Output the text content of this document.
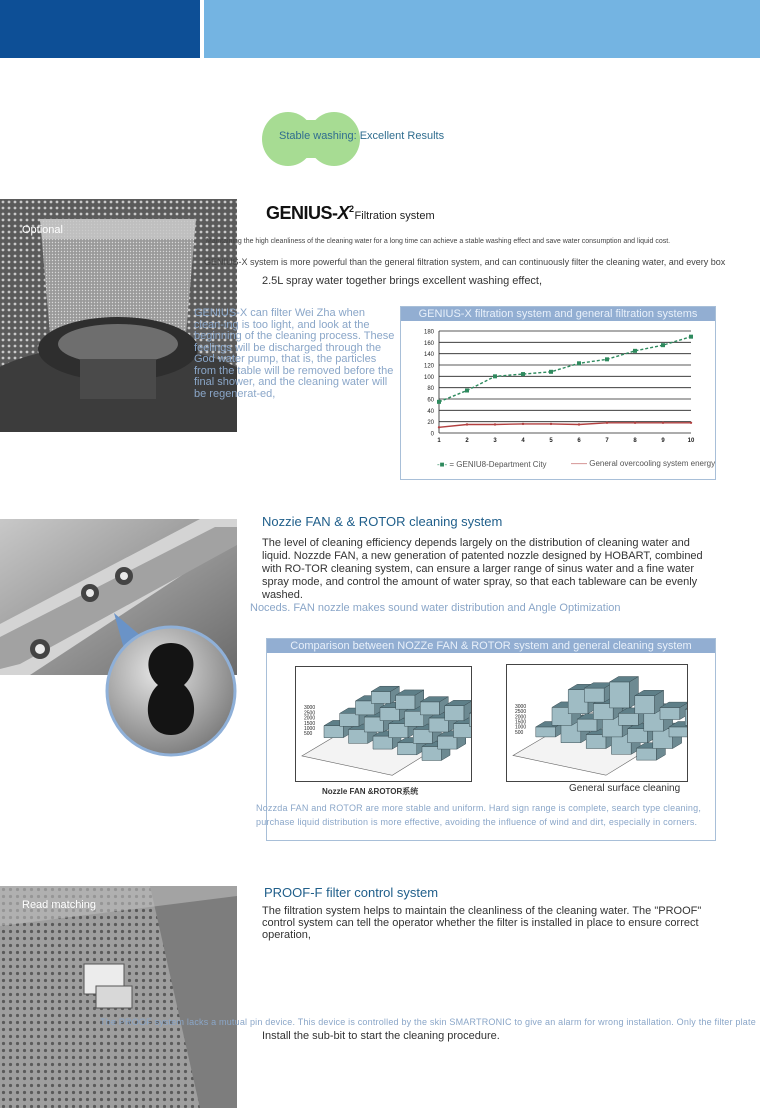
Stable washing: Excellent Results
Optional
GENIUS-$X^2Filtration$ system
Maintaining the high cleanliness of the cleaning water for a long time can achieve a stable washing effect and save water consumption and liquid cost.
GENIUS-X system is more powerful than the general filtration system, and can continuously filter the cleaning water, and every box
2.5L spray water together brings excellent washing effect,
GENIUS-X can filter Wei Zha when clean-ing is too light, and look at the beginning of the cleaning process. These feelings will be discharged through the God water pump, that is, the particles from the table will be removed before the final shower, and the cleaning water will be regenerat-ed,
GENIUS-X filtration system and general filtration systems
0
20
40
60
80
100
120
140
160
180
1	2	3	4	5	6	7	8	9	10
-■- = GENIU8-Department City	—— General overcooling system energy
Nozzie FAN & & ROTOR cleaning system
The level of cleaning efficiency depends largely on the distribution of cleaning water and liquid. Nozzde FAN, a new generation of patented nozzle designed by HOBART, combined with RO-TOR cleaning system, can ensure a larger range of sinus water and a fine water spray mode, and control the amount of water spray, so that each tableware can be evenly washed.
Noceds. FAN nozzle makes sound water distribution and Angle Optimization
Comparison between NOZZe FAN & ROTOR system and general cleaning system
3000
2500
2000
1500
1000
500
3000
2500
2000
1500
1000
500
Nozzle FAN &ROTOR系统	General surface cleaning
Nozzda FAN and ROTOR are more stable and uniform. Hard sign range is complete, search type cleaning,
purchase liquid distribution is more effective, avoiding the influence of wind and dirt, especially in corners.
Read matching
PROOF-F filter control system
The filtration system helps to maintain the cleanliness of the cleaning water. The "PROOF" control system can tell the operator whether the filter is installed in place to ensure correct operation,
The PROOF system lacks a mutual pin device. This device is controlled by the skin SMARTRONIC to give an alarm for wrong installation. Only the filter plate
Install the sub-bit to start the cleaning procedure.
